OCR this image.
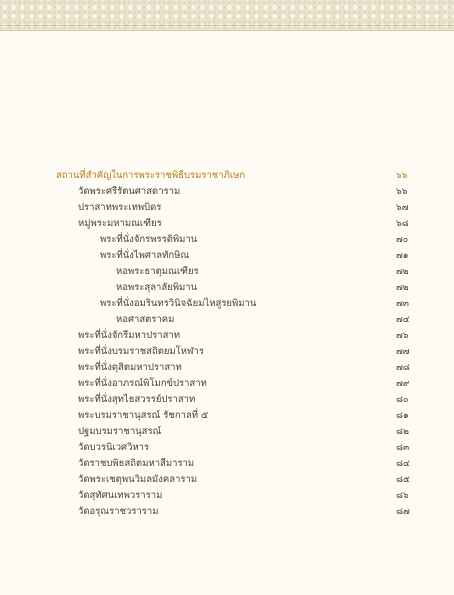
สถานที่สำคัญในการพระราชพิธีบรมราชาภิเษก	๖๖
วัดพระศรีรัตนศาสดาราม	๖๖
ปราสาทพระเทพบิดร	๖๗
หมู่พระมหามณเฑียร	๖๘
พระที่นั่งจักรพรรดิพิมาน	๗๐
พระที่นั่งไพศาลทักษิณ	๗๑
หอพระธาตุมณเฑียร	๗๒
หอพระสุลาลัยพิมาน	๗๒
พระที่นั่งอมรินทรวินิจฉัยมไหสูรยพิมาน	๗๓
หอศาสตราคม	๗๔
พระที่นั่งจักรีมหาปราสาท	๗๖
พระที่นั่งบรมราชสถิตยมโหฬาร	๗๗
พระที่นั่งดุสิตมหาปราสาท	๗๘
พระที่นั่งอาภรณ์พิโมกข์ปราสาท	๗๙
พระที่นั่งสุทไธสวรรย์ปราสาท	๘๐
พระบรมราชานุสรณ์ รัชกาลที่ ๕	๘๑
ปฐมบรมราชานุสรณ์	๘๒
วัดบวรนิเวศวิหาร	๘๓
วัดราชบพิธสถิตมหาสีมาราม	๘๔
วัดพระเชตุพนวิมลมังคลาราม	๘๕
วัดสุทัศนเทพวราราม	๘๖
วัดอรุณราชวราราม	๘๗
